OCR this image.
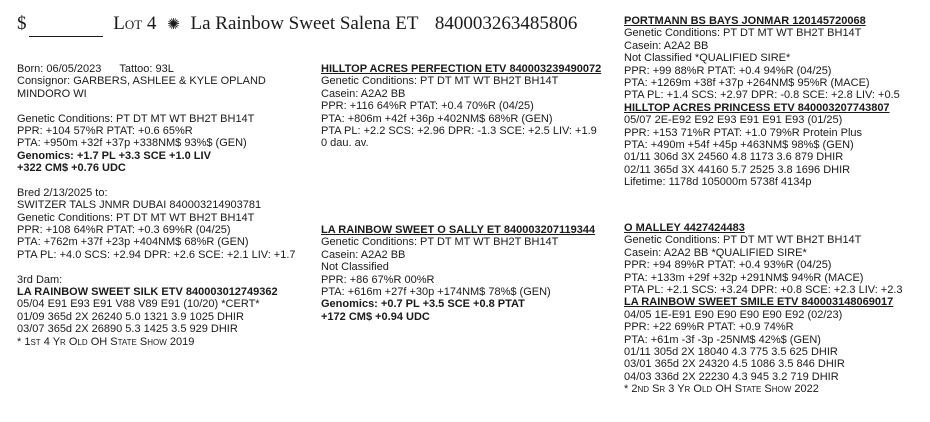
$	Lot 4 ✺ La Rainbow Sweet Salena ET 840003263485806
Born: 06/05/2023 Tattoo: 93L
Consignor: GARBERS, ASHLEE & KYLE OPLAND
MINDORO WI
Genetic Conditions: PT DT MT WT BH2T BH14T
PPR: +104 57%R PTAT: +0.6 65%R
PTA: +950m +32f +37p +338NM$ 93%$ (GEN)
Genomics: +1.7 PL +3.3 SCE +1.0 LIV
+322 CM$ +0.76 UDC
Bred 2/13/2025 to:
SWITZER TALS JNMR DUBAI 840003214903781
Genetic Conditions: PT DT MT WT BH2T BH14T
PPR: +108 64%R PTAT: +0.3 69%R (04/25)
PTA: +762m +37f +23p +404NM$ 68%R (GEN)
PTA PL: +4.0 SCS: +2.94 DPR: +2.6 SCE: +2.1 LIV: +1.7
3rd Dam:
LA RAINBOW SWEET SILK ETV 840003012749362
05/04 E91 E93 E91 V88 V89 E91 (10/20) *CERT*
01/09 365d 2X 26240 5.0 1321 3.9 1025 DHIR
03/07 365d 2X 26890 5.3 1425 3.5 929 DHIR
* 1st 4 Yr Old OH State Show 2019
HILLTOP ACRES PERFECTION ETV 840003239490072
Genetic Conditions: PT DT MT WT BH2T BH14T
Casein: A2A2 BB
PPR: +116 64%R PTAT: +0.4 70%R (04/25)
PTA: +806m +42f +36p +402NM$ 68%R (GEN)
PTA PL: +2.2 SCS: +2.96 DPR: -1.3 SCE: +2.5 LIV: +1.9
0 dau. av.
LA RAINBOW SWEET O SALLY ET 840003207119344
Genetic Conditions: PT DT MT WT BH2T BH14T
Casein: A2A2 BB
Not Classified
PPR: +86 67%R 00%R
PTA: +616m +27f +30p +174NM$ 78%$ (GEN)
Genomics: +0.7 PL +3.5 SCE +0.8 PTAT
+172 CM$ +0.94 UDC
PORTMANN BS BAYS JONMAR 120145720068
Genetic Conditions: PT DT MT WT BH2T BH14T
Casein: A2A2 BB
Not Classified *QUALIFIED SIRE*
PPR: +99 88%R PTAT: +0.4 94%R (04/25)
PTA: +1269m +38f +37p +264NM$ 95%R (MACE)
PTA PL: +1.4 SCS: +2.97 DPR: -0.8 SCE: +2.8 LIV: +0.5
HILLTOP ACRES PRINCESS ETV 840003207743807
05/07 2E-E92 E92 E93 E91 E91 E93 (01/25)
PPR: +153 71%R PTAT: +1.0 79%R Protein Plus
PTA: +490m +54f +45p +463NM$ 98%$ (GEN)
01/11 306d 3X 24560 4.8 1173 3.6 879 DHIR
02/11 365d 3X 44160 5.7 2525 3.8 1696 DHIR
Lifetime: 1178d 105000m 5738f 4134p
O MALLEY 4427424483
Genetic Conditions: PT DT MT WT BH2T BH14T
Casein: A2A2 BB *QUALIFIED SIRE*
PPR: +94 89%R PTAT: +0.4 93%R (04/25)
PTA: +133m +29f +32p +291NM$ 94%R (MACE)
PTA PL: +2.1 SCS: +3.24 DPR: +0.8 SCE: +2.3 LIV: +2.3
LA RAINBOW SWEET SMILE ETV 840003148069017
04/05 1E-E91 E90 E90 E90 E90 E92 (02/23)
PPR: +22 69%R PTAT: +0.9 74%R
PTA: +61m -3f -3p -25NM$ 42%$ (GEN)
01/11 305d 2X 18040 4.3 775 3.5 625 DHIR
03/01 365d 2X 24320 4.5 1086 3.5 846 DHIR
04/03 336d 2X 22230 4.3 945 3.2 719 DHIR
* 2nd Sr 3 Yr Old OH State Show 2022
